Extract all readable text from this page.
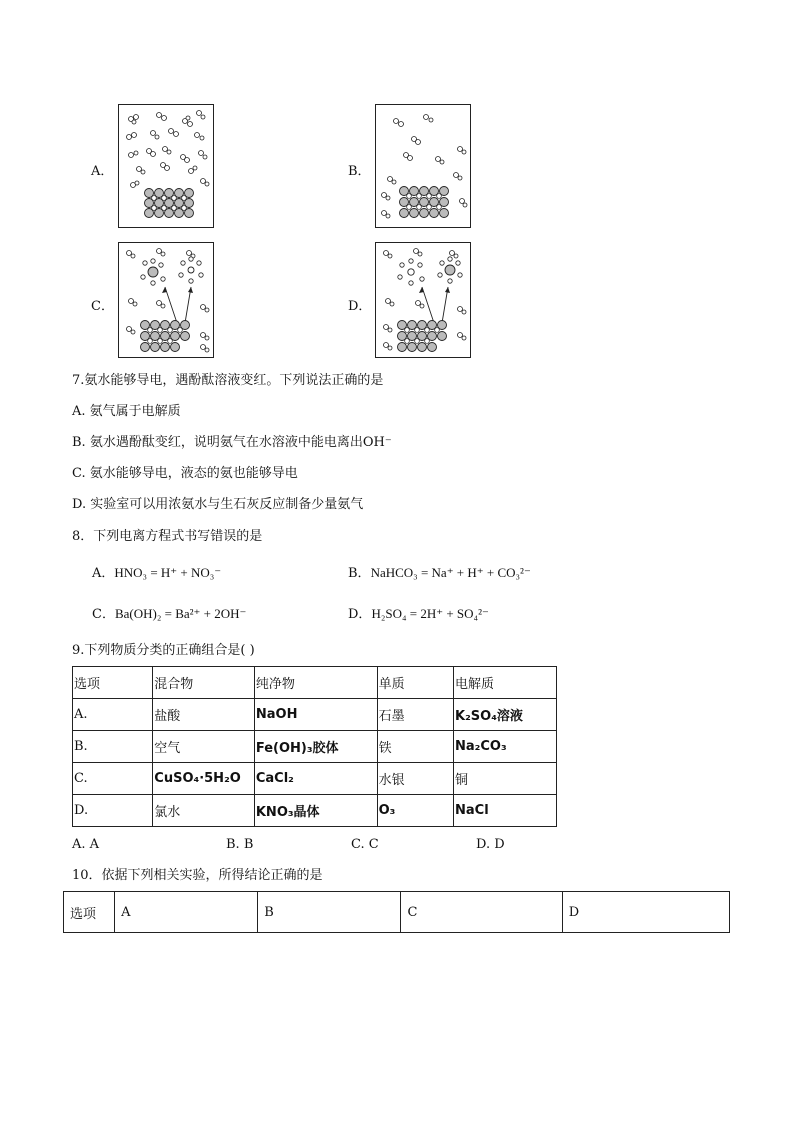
A．	B．
C．	D．
7.氨水能够导电，遇酚酞溶液变红。下列说法正确的是
A. 氨气属于电解质
B. 氨水遇酚酞变红，说明氨气在水溶液中能电离出OH⁻
C. 氨水能够导电，液态的氨也能够导电
D. 实验室可以用浓氨水与生石灰反应制备少量氨气
8．下列电离方程式书写错误的是
A．HNO₃ = H⁺ + NO₃⁻	B．NaHCO₃ = Na⁺ + H⁺ + CO₃²⁻
C．Ba(OH)₂ = Ba²⁺ + 2OH⁻	D．H₂SO₄ = 2H⁺ + SO₄²⁻
9.下列物质分类的正确组合是( )
选项	混合物	纯净物	单质	电解质
A.	盐酸	NaOH	石墨	K₂SO₄溶液
B.	空气	Fe(OH)₃胶体	铁	Na₂CO₃
C.	CuSO₄·5H₂O	CaCl₂	水银	铜
D.	氯水	KNO₃晶体	O₃	NaCl
A. A	B. B	C. C	D. D
10．依据下列相关实验，所得结论正确的是
选项	A	B	C	D
